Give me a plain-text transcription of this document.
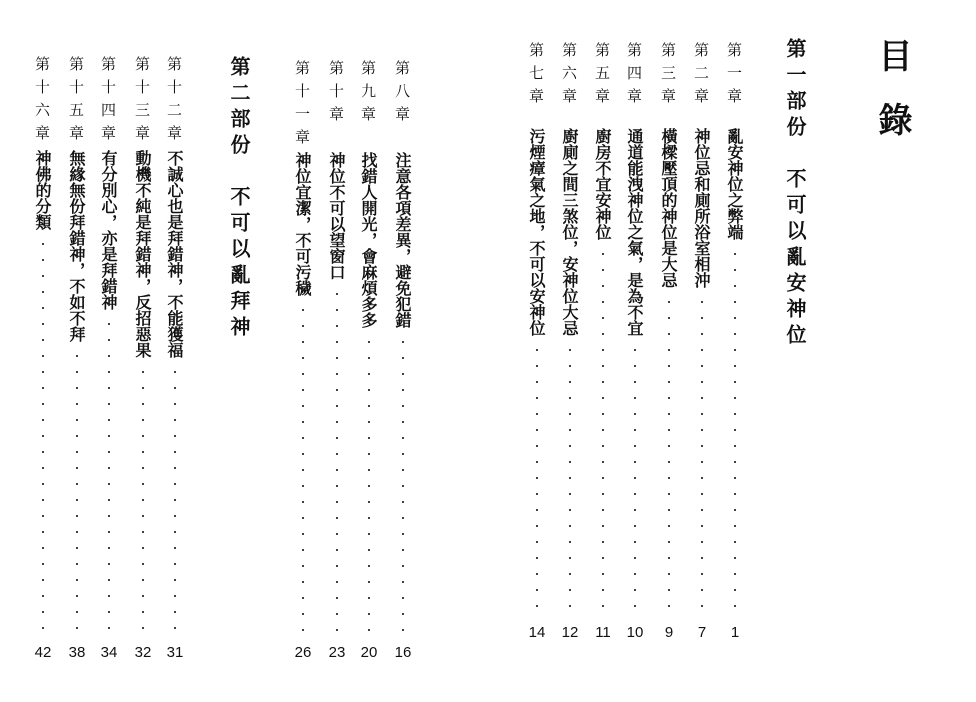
目錄
第一部份　不可以亂安神位
第一章
亂安神位之弊端
1
第二章
神位忌和廁所浴室相沖
7
第三章
橫樑壓頂的神位是大忌
9
第四章
通道能洩神位之氣，是為不宜
10
第五章
廚房不宜安神位
11
第六章
廚廁之間三煞位，安神位大忌
12
第七章
污煙瘴氣之地，不可以安神位
14
第八章
注意各項差異，避免犯錯
16
第九章
找錯人開光，會麻煩多多
20
第十章
神位不可以望窗口
23
第十一章
神位宜潔，不可污穢
26
第二部份　不可以亂拜神
第十二章
不誠心也是拜錯神，不能獲福
31
第十三章
動機不純是拜錯神，反招惡果
32
第十四章
有分別心，亦是拜錯神
34
第十五章
無緣無份拜錯神，不如不拜
38
第十六章
神佛的分類
42
